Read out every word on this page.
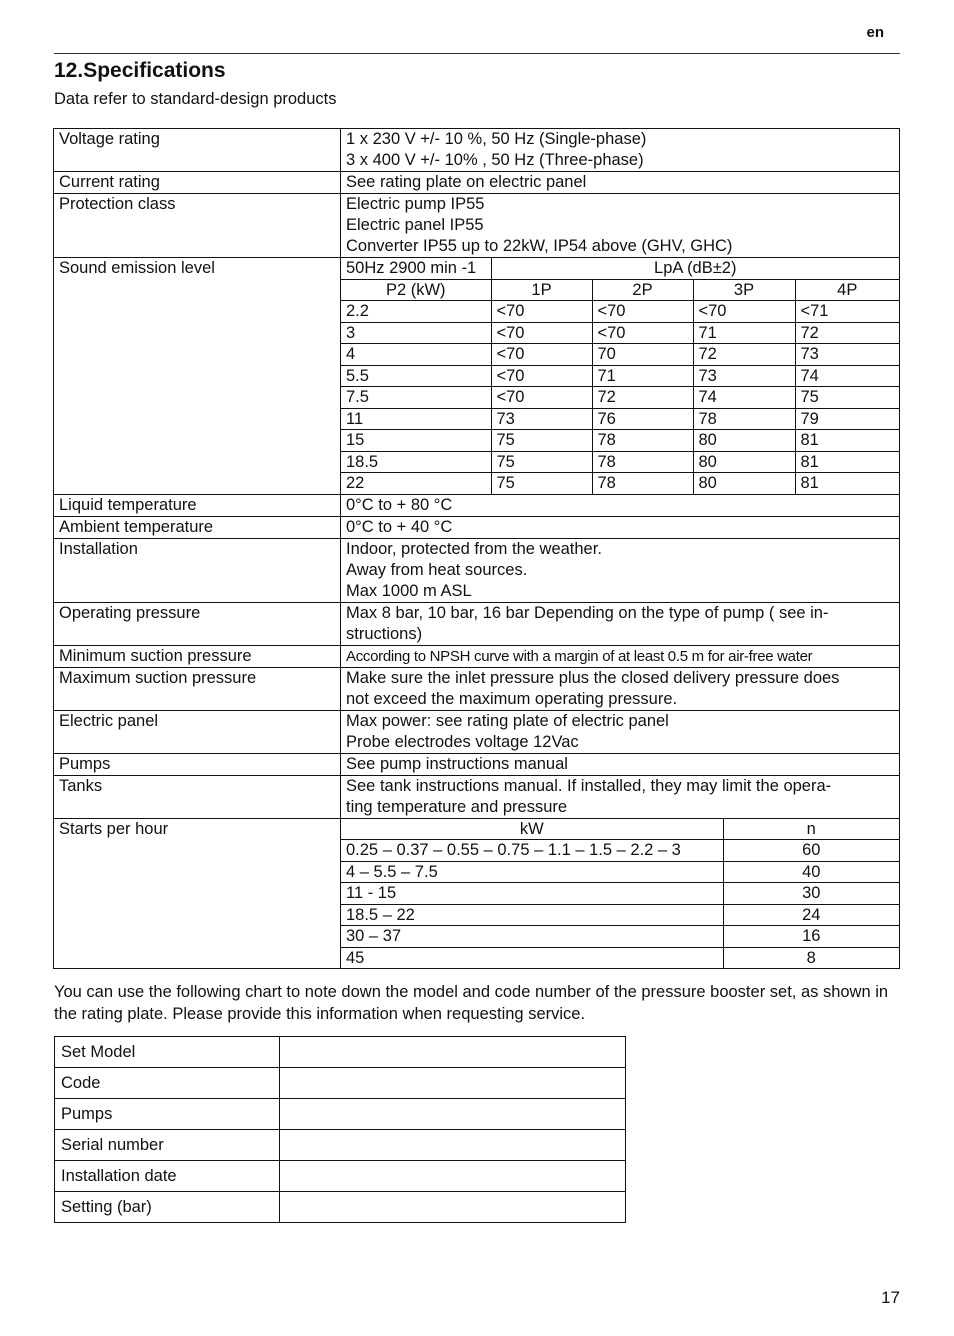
en
12.Specifications
Data refer to standard-design products
Voltage rating	1 x 230 V +/- 10 %, 50 Hz (Single-phase)
3 x 400 V +/- 10% , 50 Hz (Three-phase)

Current rating	See rating plate on electric panel
Protection class	Electric pump IP55
Electric panel IP55
Converter IP55 up to 22kW, IP54 above (GHV, GHC)

Sound emission level		50Hz 2900 min -1	LpA (dB±2)
P2 (kW)	1P	2P	3P	4P
2.2	<70	<70	<70	<71
3	<70	<70	71	72
4	<70	70	72	73
5.5	<70	71	73	74
7.5	<70	72	74	75
11	73	76	78	79
15	75	78	80	81
18.5	75	78	80	81
22	75	78	80	81

Liquid temperature	0°C to + 80 °C
Ambient temperature	0°C to + 40 °C
Installation	Indoor, protected from the weather.
Away from heat sources.
Max 1000 m ASL

Operating pressure	Max 8 bar, 10 bar, 16 bar Depending on the type of pump ( see in-
structions)

Minimum suction pressure	According to NPSH curve with a margin of at least 0.5 m for air-free water

Maximum suction pressure	Make sure the inlet pressure plus the closed delivery pressure does
not exceed the maximum operating pressure.

Electric panel	Max power: see rating plate of electric panel
Probe electrodes voltage 12Vac

Pumps	See pump instructions manual
Tanks	See tank instructions manual. If installed, they may limit the opera-
ting temperature and pressure

Starts per hour		kW	n
0.25 – 0.37 – 0.55 – 0.75 – 1.1 – 1.5 – 2.2 – 3	60
4 – 5.5 – 7.5	40
11 - 15	30
18.5 – 22	24
30 – 37	16
45	8
You can use the following chart to note down the model and code number of the pressure booster set, as shown in the rating plate. Please provide this information when requesting service.
Set Model	
Code	
Pumps	
Serial number	
Installation date	
Setting (bar)	
17
